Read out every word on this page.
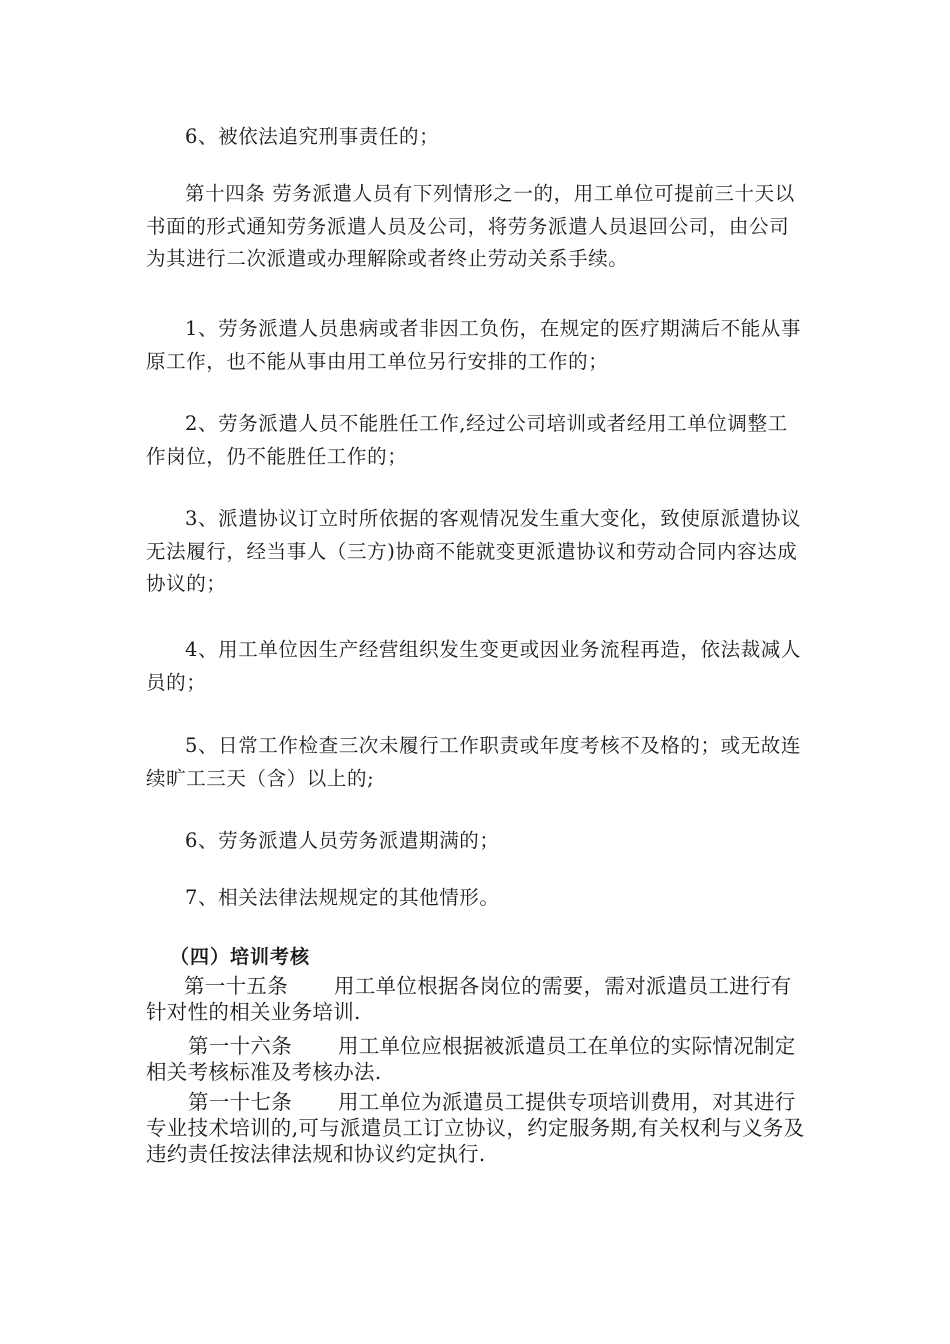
6、被依法追究刑事责任的；

第十四条 劳务派遣人员有下列情形之一的，用工单位可提前三十天以书面的形式通知劳务派遣人员及公司，将劳务派遣人员退回公司，由公司为其进行二次派遣或办理解除或者终止劳动关系手续。

1、劳务派遣人员患病或者非因工负伤，在规定的医疗期满后不能从事原工作，也不能从事由用工单位另行安排的工作的；

2、劳务派遣人员不能胜任工作,经过公司培训或者经用工单位调整工作岗位，仍不能胜任工作的；

3、派遣协议订立时所依据的客观情况发生重大变化，致使原派遣协议无法履行，经当事人（三方)协商不能就变更派遣协议和劳动合同内容达成协议的；

4、用工单位因生产经营组织发生变更或因业务流程再造，依法裁减人员的；

5、日常工作检查三次未履行工作职责或年度考核不及格的；或无故连续旷工三天（含）以上的;

6、劳务派遣人员劳务派遣期满的；

7、相关法律法规规定的其他情形。

（四）培训考核

第一十五条 用工单位根据各岗位的需要，需对派遣员工进行有针对性的相关业务培训.

第一十六条 用工单位应根据被派遣员工在单位的实际情况制定相关考核标准及考核办法.

第一十七条 用工单位为派遣员工提供专项培训费用，对其进行专业技术培训的,可与派遣员工订立协议，约定服务期,有关权利与义务及违约责任按法律法规和协议约定执行.
